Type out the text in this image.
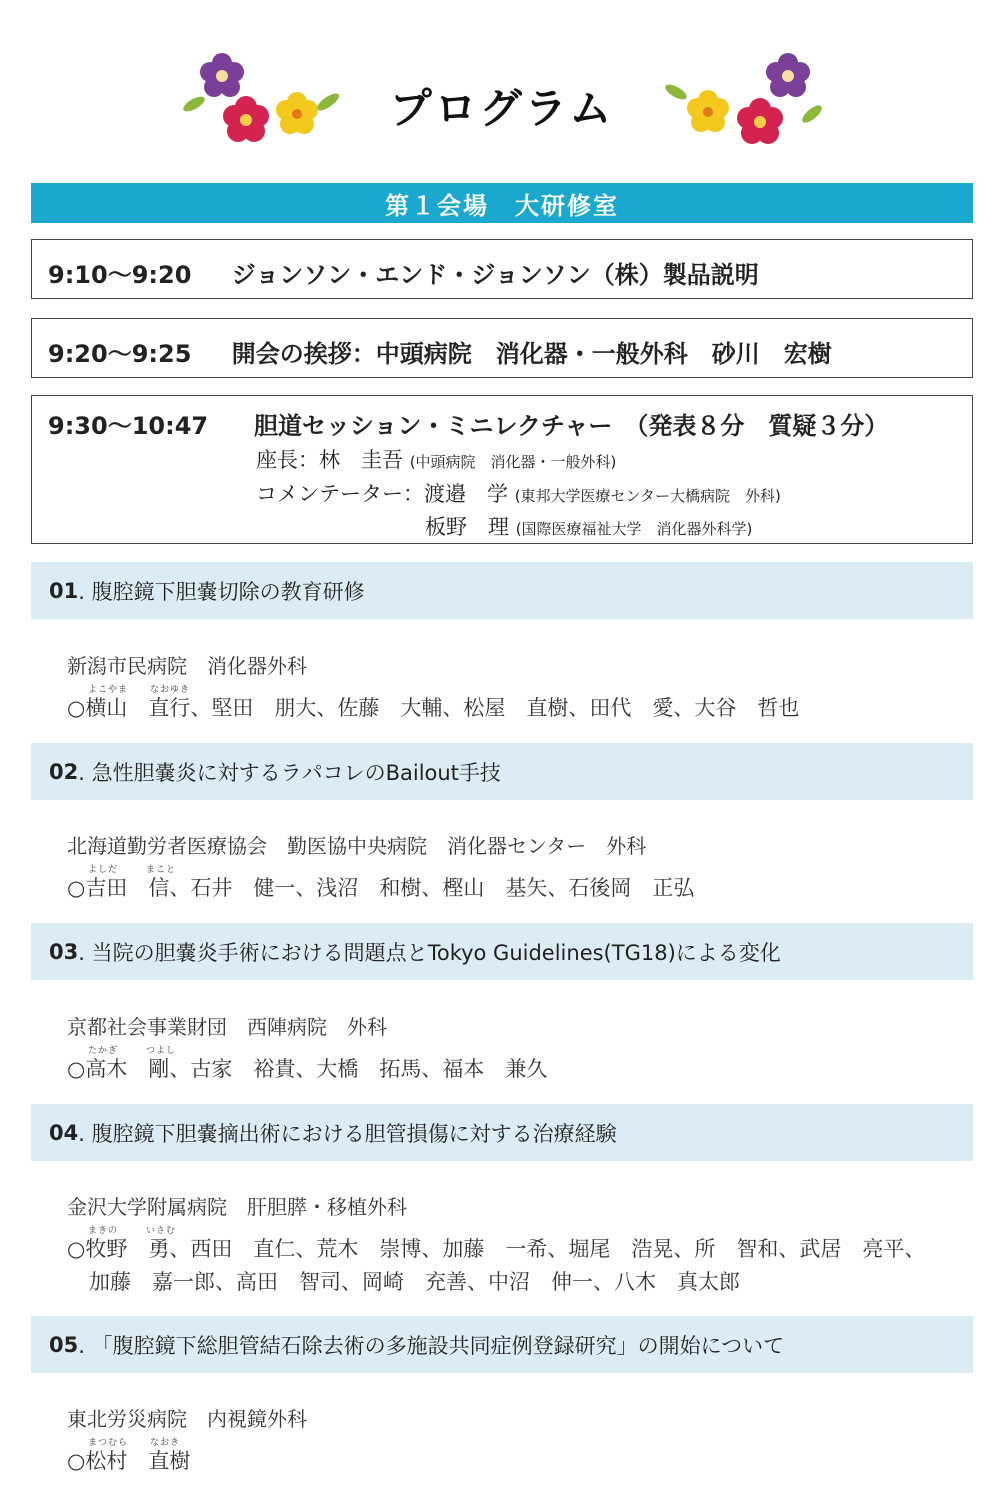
プログラム
第１会場　大研修室
9:10〜9:20 ジョンソン・エンド・ジョンソン（株）製品説明
9:20〜9:25 開会の挨拶：中頭病院　消化器・一般外科　砂川　宏樹
9:30〜10:47 胆道セッション・ミニレクチャー　（発表８分　質疑３分）
座長：林　圭吾 (中頭病院　消化器・一般外科)
コメンテーター：渡邉　学 (東邦大学医療センター大橋病院　外科)
板野　理 (国際医療福祉大学　消化器外科学)
01 . 腹腔鏡下胆嚢切除の教育研修
新潟市民病院　消化器外科
よこやま なおゆき
○横山　直行、堅田　朋大、佐藤　大輔、松屋　直樹、田代　愛、大谷　哲也
02 . 急性胆嚢炎に対するラパコレのBailout手技
北海道勤労者医療協会　勤医協中央病院　消化器センター　外科
よしだ	まこと
○吉田　信、石井　健一、浅沼　和樹、樫山　基矢、石後岡　正弘
03 . 当院の胆嚢炎手術における問題点とTokyo Guidelines(TG18)による変化
京都社会事業財団　西陣病院　外科
たかぎ	つよし
○高木　剛、古家　裕貴、大橋　拓馬、福本　兼久
04 . 腹腔鏡下胆嚢摘出術における胆管損傷に対する治療経験
金沢大学附属病院　肝胆膵・移植外科
まきの	いさむ
○牧野　勇、西田　直仁、荒木　崇博、加藤　一希、堀尾　浩晃、所　智和、武居　亮平、
加藤　嘉一郎、高田　智司、岡崎　充善、中沼　伸一、八木　真太郎
05 . 「腹腔鏡下総胆管結石除去術の多施設共同症例登録研究」の開始について
東北労災病院　内視鏡外科
まつむら なおき
○松村　直樹
